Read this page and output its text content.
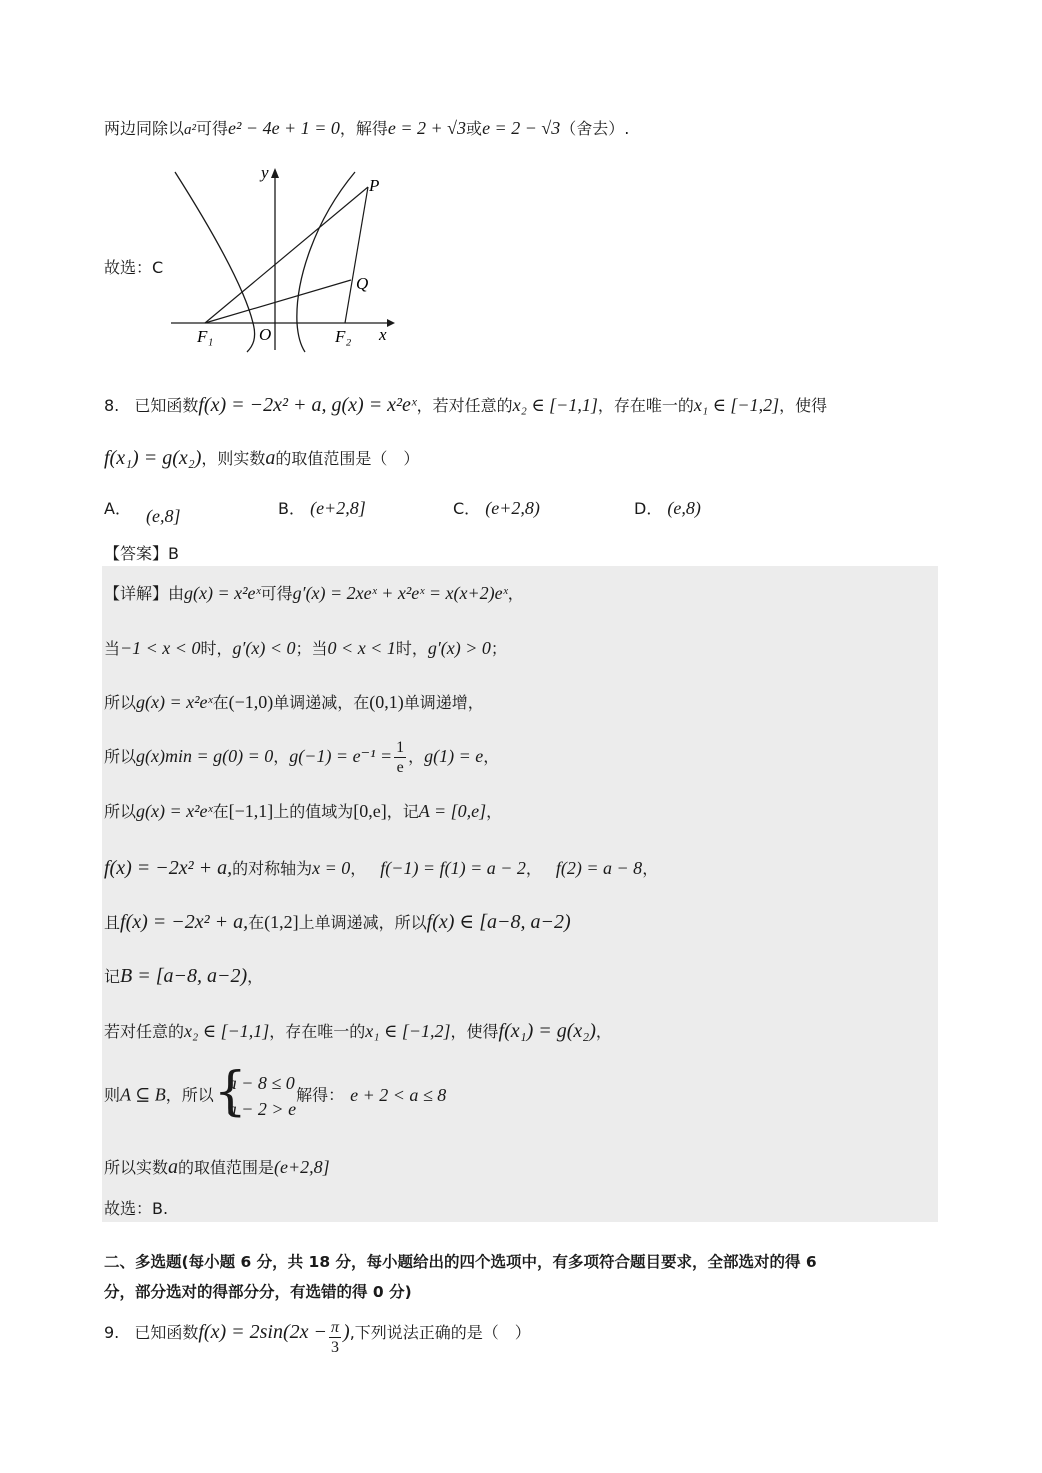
两边同除以a²可得e² − 4e + 1 = 0，解得e = 2 + √3或e = 2 − √3（舍去）.
y
P
Q
F₁	O	F₂ x
故选：C
8. 已知函数f(x) = −2x² + a, g(x) = x²eˣ，若对任意的x₂ ∈ [−1,1]，存在唯一的x₁ ∈ [−1,2]，使得
f(x₁) = g(x₂)，则实数a的取值范围是（　）
A． (e,8]	B． (e+2,8]	C． (e+2,8)	D． (e,8)
【答案】B
【详解】由g(x) = x²eˣ可得g′(x) = 2xeˣ + x²eˣ = x(x+2)eˣ，
当−1 < x < 0时，g′(x) < 0；当0 < x < 1时，g′(x) > 0；
所以g(x) = x²eˣ在(−1,0)单调递减，在(0,1)单调递增，
所以g(x)min = g(0) = 0，$g(-1) = e^{-1} = \frac{1}{e}$ ，g(1) = e，
所以g(x) = x²eˣ在[−1,1]上的值域为[0,e]，记A = [0,e]，
f(x) = −2x² + a,的对称轴为x = 0， f(−1) = f(1) = a − 2， f(2) = a − 8，
且f(x) = −2x² + a,在(1,2]上单调递减，所以f(x) ∈ [a−8, a−2)
记B = [a−8, a−2)，
若对任意的x₂ ∈ [−1,1]，存在唯一的x₁ ∈ [−1,2]，使得f(x₁) = g(x₂)，
则A ⊆ B，所以 {
a − 8 ≤ 0
a − 2 > e
解得： e + 2 < a ≤ 8
所以实数a的取值范围是(e+2,8]
故选：B.
二、多选题(每小题 6 分，共 18 分，每小题给出的四个选项中，有多项符合题目要求，全部选对的得 6
分，部分选对的得部分分，有选错的得 0 分)
9. 已知函数$f(x) = 2\sin(2x - \frac{\pi}{3}$ ),下列说法正确的是（　）
